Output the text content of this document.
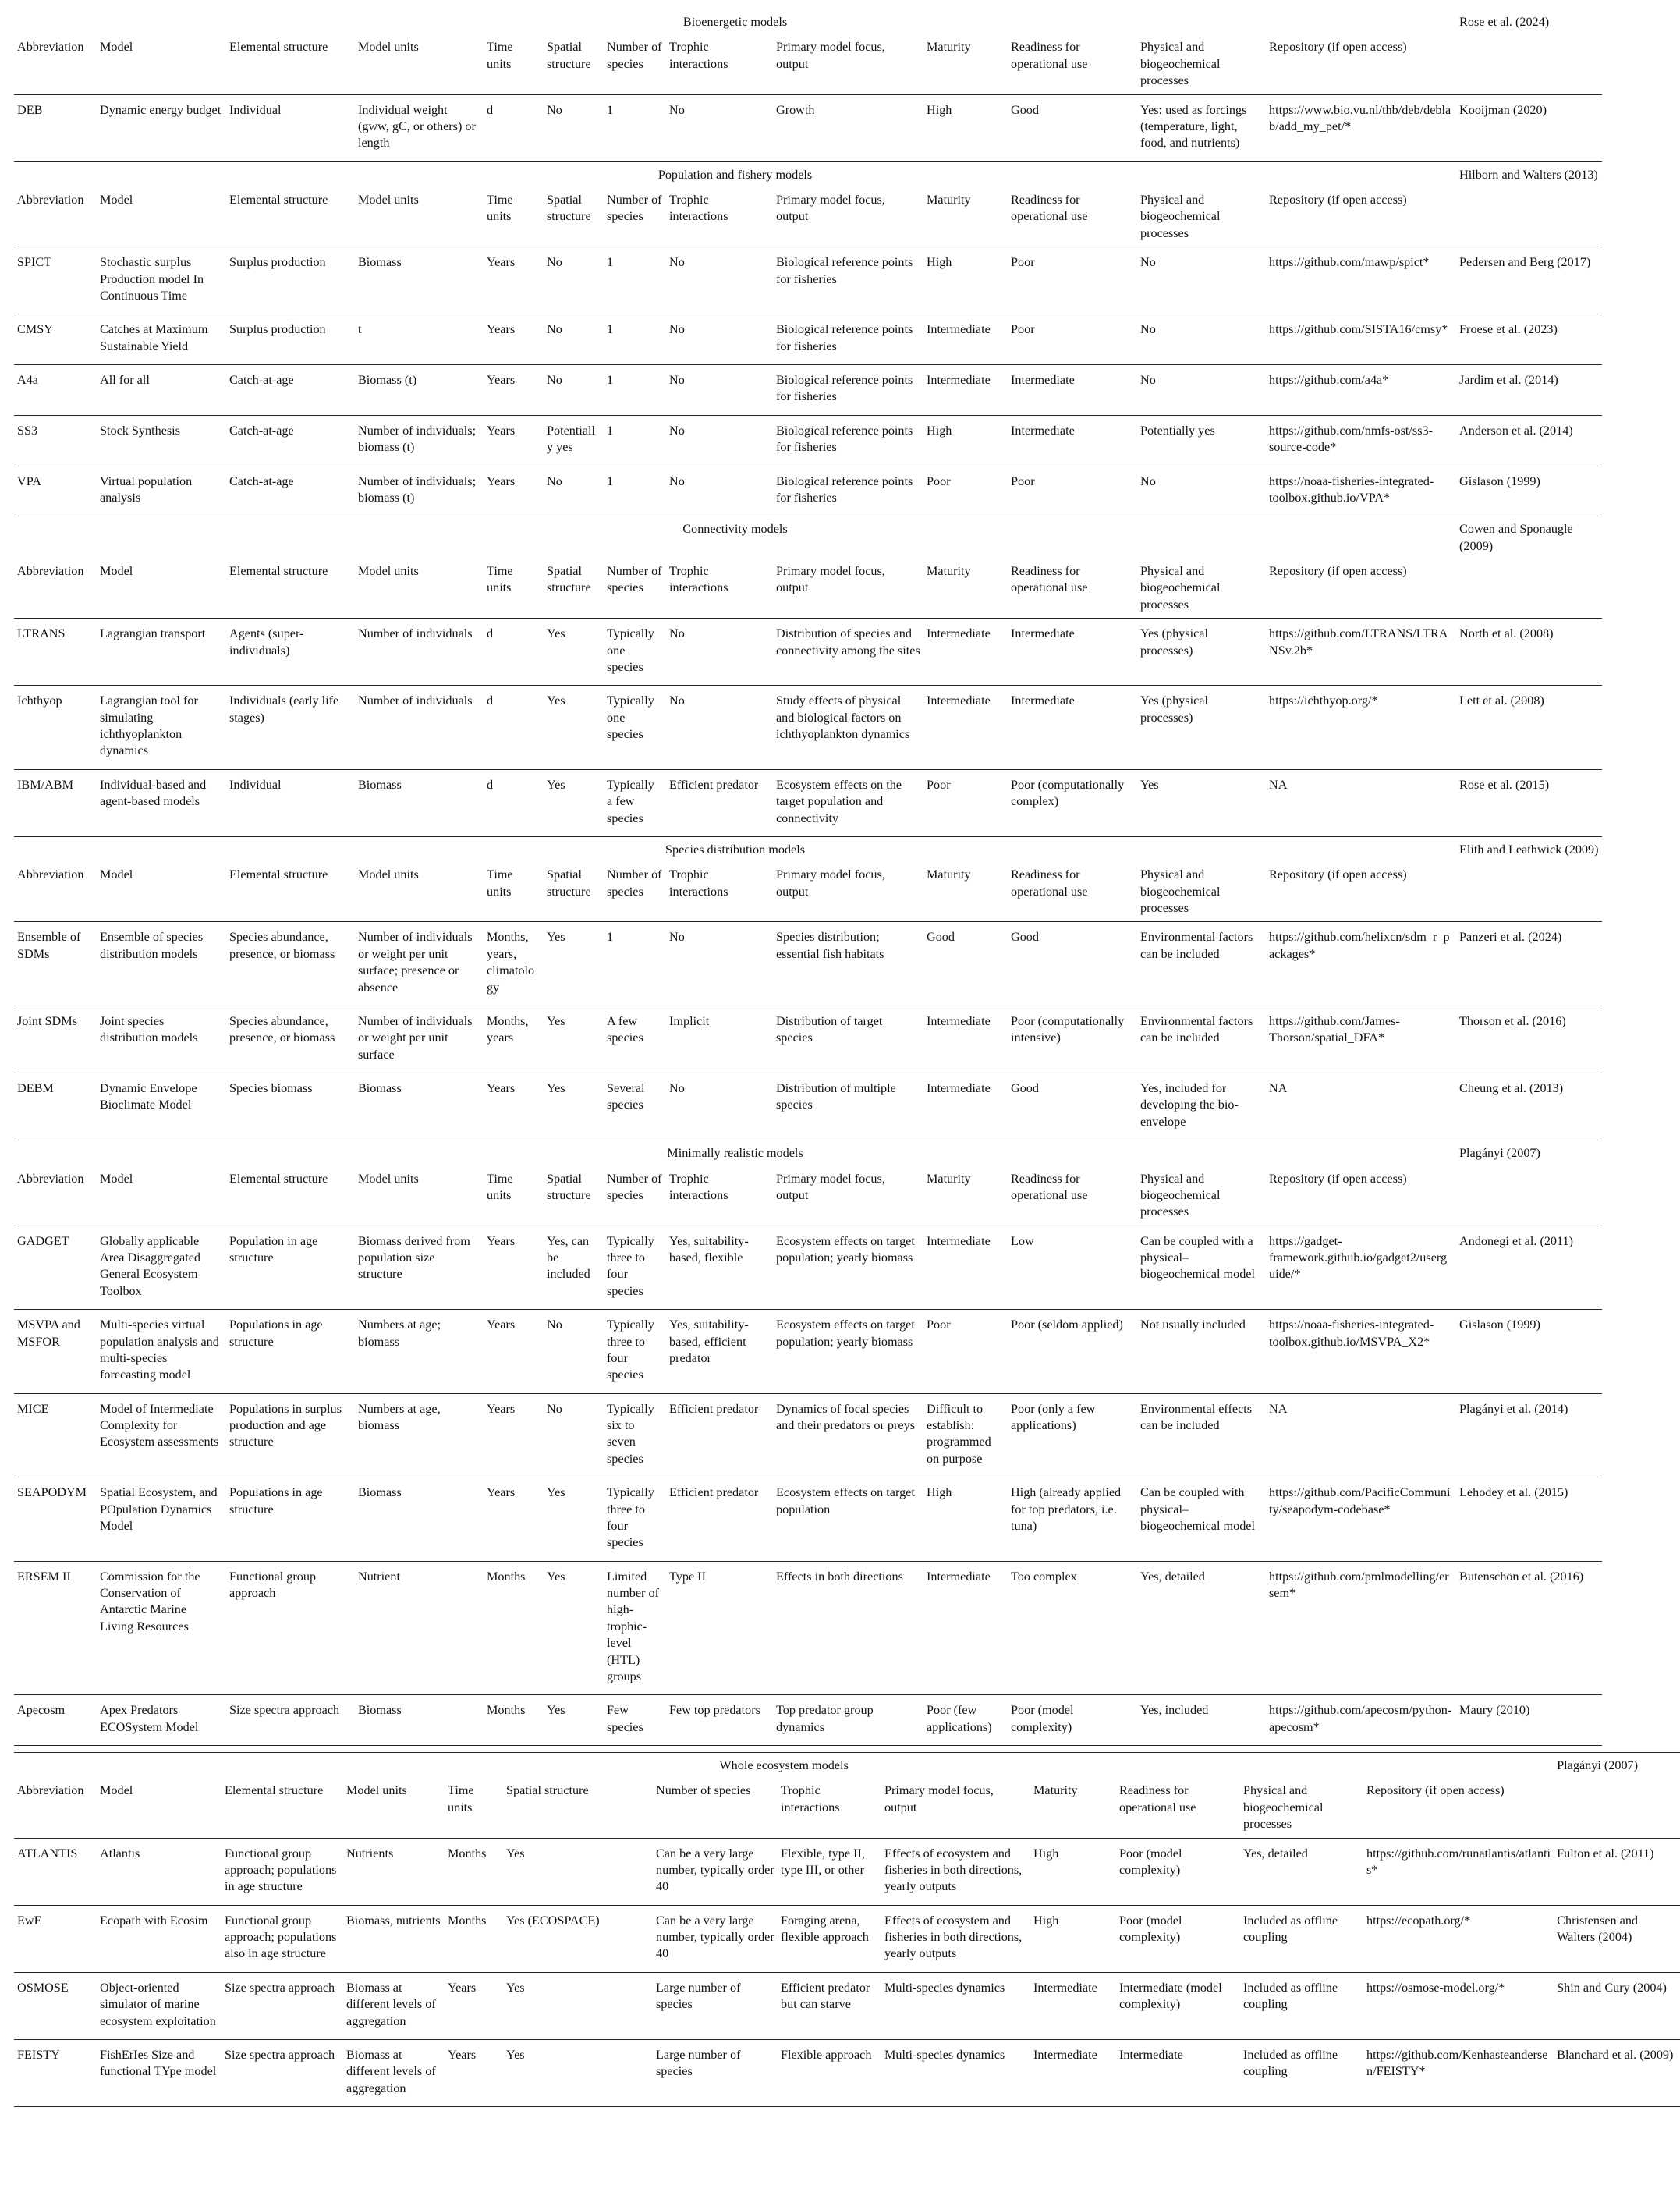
Bioenergetic models													Rose et al. (2024)
Abbreviation	Model	Elemental structure	Model units	Time units	Spatial structure	Number of species	Trophic interactions	Primary model focus, output	Maturity	Readiness for operational use	Physical and biogeochemical processes	Repository (if open access)	
DEB	Dynamic energy budget	Individual	Individual weight (gww, gC, or others) or length	d	No	1	No	Growth	High	Good	Yes: used as forcings (temperature, light, food, and nutrients)	https://www.bio.vu.nl/thb/deb/deblab/add_my_pet/*	Kooijman (2020)
Population and fishery models													Hilborn and Walters (2013)
Abbreviation	Model	Elemental structure	Model units	Time units	Spatial structure	Number of species	Trophic interactions	Primary model focus, output	Maturity	Readiness for operational use	Physical and biogeochemical processes	Repository (if open access)	
SPICT	Stochastic surplus Production model In Continuous Time	Surplus production	Biomass	Years	No	1	No	Biological reference points for fisheries	High	Poor	No	https://github.com/mawp/spict*	Pedersen and Berg (2017)
CMSY	Catches at Maximum Sustainable Yield	Surplus production	t	Years	No	1	No	Biological reference points for fisheries	Intermediate	Poor	No	https://github.com/SISTA16/cmsy*	Froese et al. (2023)
A4a	All for all	Catch-at-age	Biomass (t)	Years	No	1	No	Biological reference points for fisheries	Intermediate	Intermediate	No	https://github.com/a4a*	Jardim et al. (2014)
SS3	Stock Synthesis	Catch-at-age	Number of individuals; biomass (t)	Years	Potentially yes	1	No	Biological reference points for fisheries	High	Intermediate	Potentially yes	https://github.com/nmfs-ost/ss3-source-code*	Anderson et al. (2014)
VPA	Virtual population analysis	Catch-at-age	Number of individuals; biomass (t)	Years	No	1	No	Biological reference points for fisheries	Poor	Poor	No	https://noaa-fisheries-integrated-toolbox.github.io/VPA*	Gislason (1999)
Connectivity models													Cowen and Sponaugle (2009)
Abbreviation	Model	Elemental structure	Model units	Time units	Spatial structure	Number of species	Trophic interactions	Primary model focus, output	Maturity	Readiness for operational use	Physical and biogeochemical processes	Repository (if open access)	
LTRANS	Lagrangian transport	Agents (super-individuals)	Number of individuals	d	Yes	Typically one species	No	Distribution of species and connectivity among the sites	Intermediate	Intermediate	Yes (physical processes)	https://github.com/LTRANS/LTRANSv.2b*	North et al. (2008)
Ichthyop	Lagrangian tool for simulating ichthyoplankton dynamics	Individuals (early life stages)	Number of individuals	d	Yes	Typically one species	No	Study effects of physical and biological factors on ichthyoplankton dynamics	Intermediate	Intermediate	Yes (physical processes)	https://ichthyop.org/*	Lett et al. (2008)
IBM/ABM	Individual-based and agent-based models	Individual	Biomass	d	Yes	Typically a few species	Efficient predator	Ecosystem effects on the target population and connectivity	Poor	Poor (computationally complex)	Yes	NA	Rose et al. (2015)
Species distribution models													Elith and Leathwick (2009)
Abbreviation	Model	Elemental structure	Model units	Time units	Spatial structure	Number of species	Trophic interactions	Primary model focus, output	Maturity	Readiness for operational use	Physical and biogeochemical processes	Repository (if open access)	
Ensemble of SDMs	Ensemble of species distribution models	Species abundance, presence, or biomass	Number of individuals or weight per unit surface; presence or absence	Months, years, climatology	Yes	1	No	Species distribution; essential fish habitats	Good	Good	Environmental factors can be included	https://github.com/helixcn/sdm_r_packages*	Panzeri et al. (2024)
Joint SDMs	Joint species distribution models	Species abundance, presence, or biomass	Number of individuals or weight per unit surface	Months, years	Yes	A few species	Implicit	Distribution of target species	Intermediate	Poor (computationally intensive)	Environmental factors can be included	https://github.com/James-Thorson/spatial_DFA*	Thorson et al. (2016)
DEBM	Dynamic Envelope Bioclimate Model	Species biomass	Biomass	Years	Yes	Several species	No	Distribution of multiple species	Intermediate	Good	Yes, included for developing the bio-envelope	NA	Cheung et al. (2013)
Minimally realistic models													Plagányi (2007)
Abbreviation	Model	Elemental structure	Model units	Time units	Spatial structure	Number of species	Trophic interactions	Primary model focus, output	Maturity	Readiness for operational use	Physical and biogeochemical processes	Repository (if open access)	
GADGET	Globally applicable Area Disaggregated General Ecosystem Toolbox	Population in age structure	Biomass derived from population size structure	Years	Yes, can be included	Typically three to four species	Yes, suitability-based, flexible	Ecosystem effects on target population; yearly biomass	Intermediate	Low	Can be coupled with a physical–biogeochemical model	https://gadget-framework.github.io/gadget2/userguide/*	Andonegi et al. (2011)
MSVPA and MSFOR	Multi-species virtual population analysis and multi-species forecasting model	Populations in age structure	Numbers at age; biomass	Years	No	Typically three to four species	Yes, suitability-based, efficient predator	Ecosystem effects on target population; yearly biomass	Poor	Poor (seldom applied)	Not usually included	https://noaa-fisheries-integrated-toolbox.github.io/MSVPA_X2*	Gislason (1999)
MICE	Model of Intermediate Complexity for Ecosystem assessments	Populations in surplus production and age structure	Numbers at age, biomass	Years	No	Typically six to seven species	Efficient predator	Dynamics of focal species and their predators or preys	Difficult to establish: programmed on purpose	Poor (only a few applications)	Environmental effects can be included	NA	Plagányi et al. (2014)
SEAPODYM	Spatial Ecosystem, and POpulation Dynamics Model	Populations in age structure	Biomass	Years	Yes	Typically three to four species	Efficient predator	Ecosystem effects on target population	High	High (already applied for top predators, i.e. tuna)	Can be coupled with physical–biogeochemical model	https://github.com/PacificCommunity/seapodym-codebase*	Lehodey et al. (2015)
ERSEM II	Commission for the Conservation of Antarctic Marine Living Resources	Functional group approach	Nutrient	Months	Yes	Limited number of high-trophic-level (HTL) groups	Type II	Effects in both directions	Intermediate	Too complex	Yes, detailed	https://github.com/pmlmodelling/ersem*	Butenschön et al. (2016)
Apecosm	Apex Predators ECOSystem Model	Size spectra approach	Biomass	Months	Yes	Few species	Few top predators	Top predator group dynamics	Poor (few applications)	Poor (model complexity)	Yes, included	https://github.com/apecosm/python-apecosm*	Maury (2010)
Whole ecosystem models													Plagányi (2007)
Abbreviation	Model	Elemental structure	Model units	Time units	Spatial structure	Number of species	Trophic interactions	Primary model focus, output	Maturity	Readiness for operational use	Physical and biogeochemical processes	Repository (if open access)	
ATLANTIS	Atlantis	Functional group approach; populations in age structure	Nutrients	Months	Yes	Can be a very large number, typically order 40	Flexible, type II, type III, or other	Effects of ecosystem and fisheries in both directions, yearly outputs	High	Poor (model complexity)	Yes, detailed	https://github.com/runatlantis/atlantis*	Fulton et al. (2011)
EwE	Ecopath with Ecosim	Functional group approach; populations also in age structure	Biomass, nutrients	Months	Yes (ECOSPACE)	Can be a very large number, typically order 40	Foraging arena, flexible approach	Effects of ecosystem and fisheries in both directions, yearly outputs	High	Poor (model complexity)	Included as offline coupling	https://ecopath.org/*	Christensen and Walters (2004)
OSMOSE	Object-oriented simulator of marine ecosystem exploitation	Size spectra approach	Biomass at different levels of aggregation	Years	Yes	Large number of species	Efficient predator but can starve	Multi-species dynamics	Intermediate	Intermediate (model complexity)	Included as offline coupling	https://osmose-model.org/*	Shin and Cury (2004)
FEISTY	FishErIes Size and functional TYpe model	Size spectra approach	Biomass at different levels of aggregation	Years	Yes	Large number of species	Flexible approach	Multi-species dynamics	Intermediate	Intermediate	Included as offline coupling	https://github.com/Kenhasteandersen/FEISTY*	Blanchard et al. (2009)
